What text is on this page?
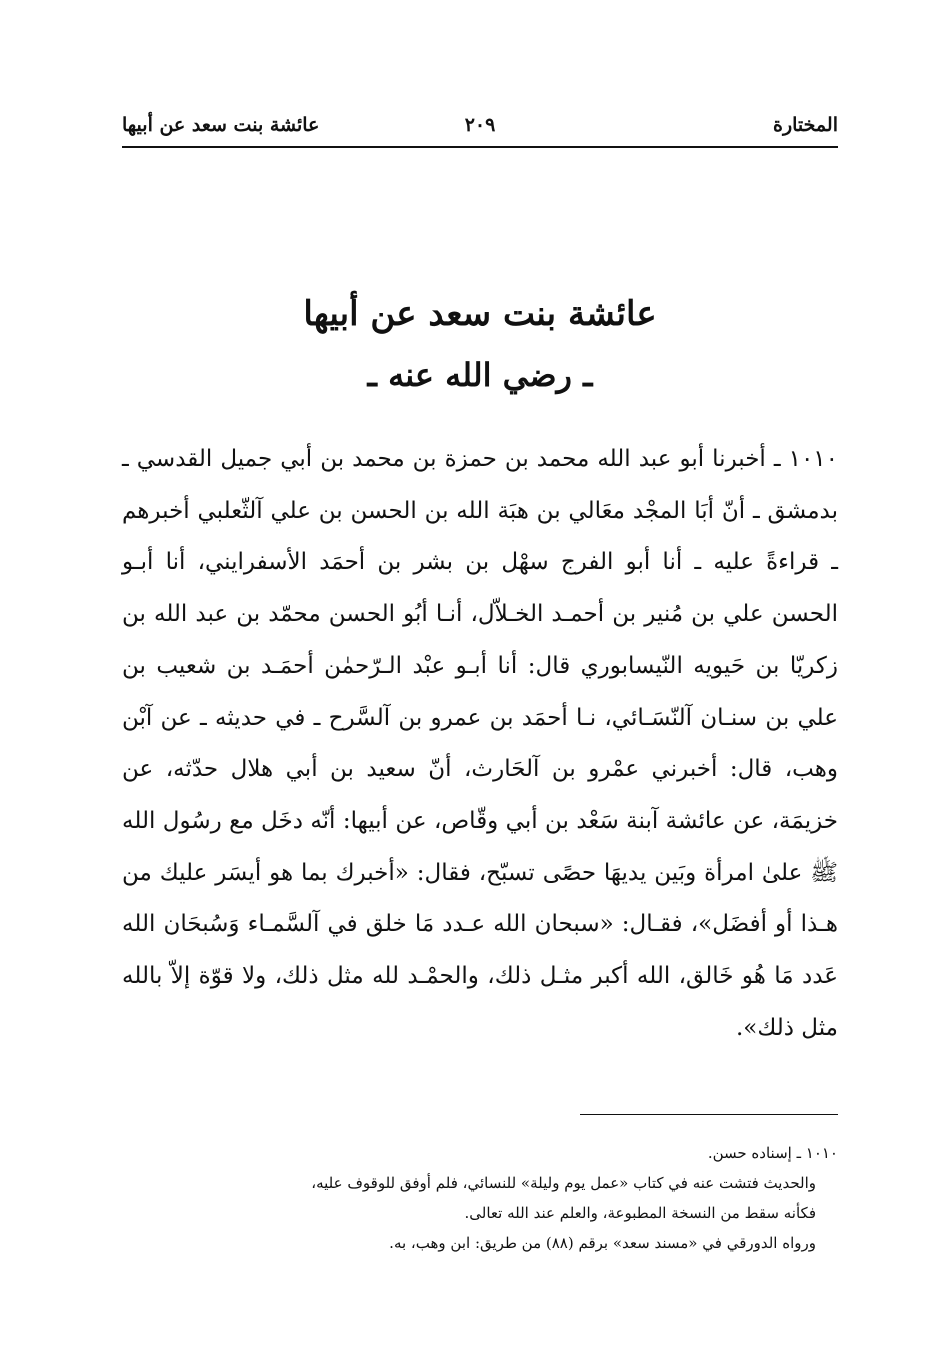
المختارة
٢٠٩
عائشة بنت سعد عن أبيها
عائشة بنت سعد عن أبيها
ـ رضي الله عنه ـ
١٠١٠ ـ أخبرنا أبو عبد الله محمد بن حمزة بن محمد بن أبي جميل القدسي ـ بدمشق ـ أنّ أبَا المجْد معَالي بن هبَة الله بن الحسن بن علي آلثّعلبي أخبرهم ـ قراءةً عليه ـ أنا أبو الفرج سهْل بن بشر بن أحمَد الأسفرايني، أنا أبـو الحسن علي بن مُنير بن أحمـد الخـلاّل، أنـا أبُو الحسن محمّد بن عبد الله بن زكريّا بن حَيويه النّيسابوري قال: أنا أبـو عبْد الـرّحمٰن أحمَـد بن شعيب بن علي بن سنـان آلنّسَـائي، نـا أحمَد بن عمرو بن آلسَّرح ـ في حديثه ـ عن آبْن وهب، قال: أخبرني عمْرو بن آلحَارث، أنّ سعيد بن أبي هلال حدّثه، عن خزيمَة، عن عائشة آبنة سَعْد بن أبي وقّاص، عن أبيها: أنّه دخَل مع رسُول الله ﷺ علىٰ امرأة وبَين يديهَا حصًى تسبّح، فقال: «أخبرك بما هو أيسَر عليك من هـذا أو أفضَل»، فقـال: «سبحان الله عـدد مَا خلق في آلسَّمـاء وَسُبحَان الله عَدد مَا هُو خَالق، الله أكبر مثـل ذلك، والحمْـد لله مثل ذلك، ولا قوّة إلاّ بالله مثل ذلك».

١٠١٠ ـ إسناده حسن.

والحديث فتشت عنه في كتاب «عمل يوم وليلة» للنسائي، فلم أوفق للوقوف عليه،

فكأنه سقط من النسخة المطبوعة، والعلم عند الله تعالى.

ورواه الدورقي في «مسند سعد» برقم (٨٨) من طريق: ابن وهب، به.
